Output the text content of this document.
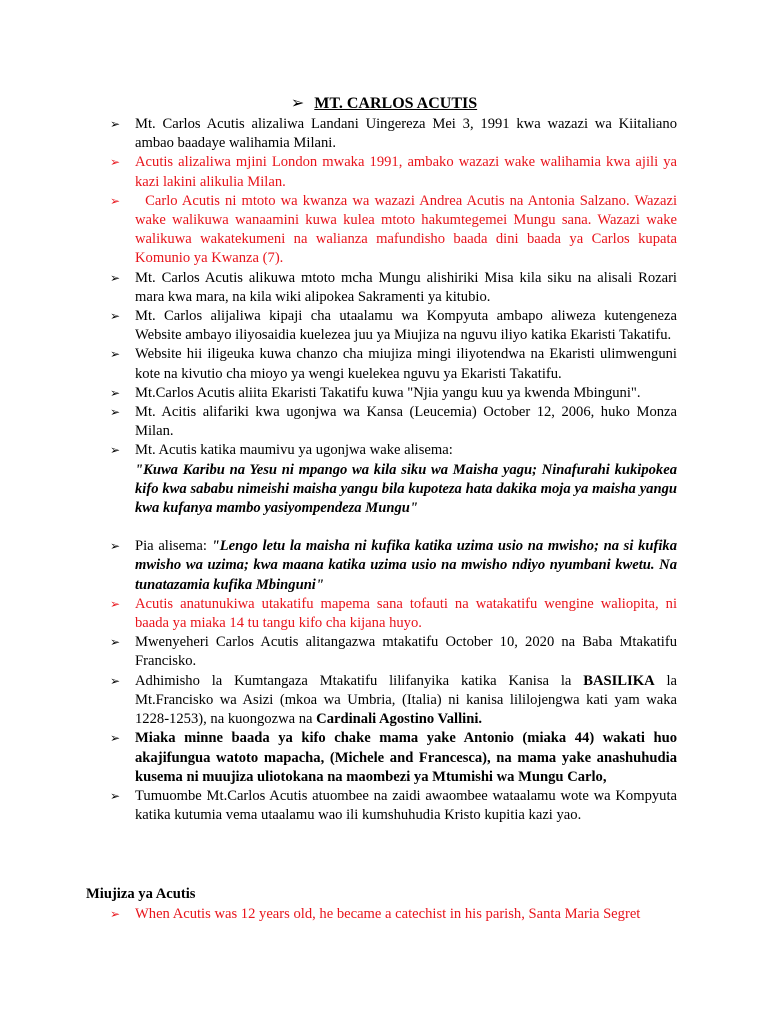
➢ MT. CARLOS ACUTIS
➢	Mt. Carlos Acutis alizaliwa Landani Uingereza Mei 3, 1991 kwa wazazi wa Kiitaliano ambao baadaye walihamia Milani.
➢	Acutis alizaliwa mjini London mwaka 1991, ambako wazazi wake walihamia kwa ajili ya kazi lakini alikulia Milan.
➢	Carlo Acutis ni mtoto wa kwanza wa wazazi Andrea Acutis na Antonia Salzano. Wazazi wake walikuwa wanaamini kuwa kulea mtoto hakumtegemei Mungu sana. Wazazi wake walikuwa wakatekumeni na walianza mafundisho baada dini baada ya Carlos kupata Komunio ya Kwanza (7).
➢	Mt. Carlos Acutis alikuwa mtoto mcha Mungu alishiriki Misa kila siku na alisali Rozari mara kwa mara, na kila wiki alipokea Sakramenti ya kitubio.
➢	Mt. Carlos alijaliwa kipaji cha utaalamu wa Kompyuta ambapo aliweza kutengeneza Website ambayo iliyosaidia kuelezea juu ya Miujiza na nguvu iliyo katika Ekaristi Takatifu.
➢	Website hii iligeuka kuwa chanzo cha miujiza mingi iliyotendwa na Ekaristi ulimwenguni kote na kivutio cha mioyo ya wengi kuelekea nguvu ya Ekaristi Takatifu.
➢	Mt.Carlos Acutis aliita Ekaristi Takatifu kuwa "Njia yangu kuu ya kwenda Mbinguni".
➢	Mt. Acitis alifariki kwa ugonjwa wa Kansa (Leucemia) October 12, 2006, huko Monza Milan.
➢	Mt. Acutis katika maumivu ya ugonjwa wake alisema:
"Kuwa Karibu na Yesu ni mpango wa kila siku wa Maisha yagu; Ninafurahi kukipokea kifo kwa sababu nimeishi maisha yangu bila kupoteza hata dakika moja ya maisha yangu kwa kufanya mambo yasiyompendeza Mungu"
➢	Pia alisema: "Lengo letu la maisha ni kufika katika uzima usio na mwisho; na si kufika mwisho wa uzima; kwa maana katika uzima usio na mwisho ndiyo nyumbani kwetu. Na tunatazamia kufika Mbinguni"
➢	Acutis anatunukiwa utakatifu mapema sana tofauti na watakatifu wengine waliopita, ni baada ya miaka 14 tu tangu kifo cha kijana huyo.
➢	Mwenyeheri Carlos Acutis alitangazwa mtakatifu October 10, 2020 na Baba Mtakatifu Francisko.
➢	Adhimisho la Kumtangaza Mtakatifu lilifanyika katika Kanisa la BASILIKA la Mt.Francisko wa Asizi (mkoa wa Umbria, (Italia) ni kanisa lililojengwa kati yam waka 1228-1253), na kuongozwa na Cardinali Agostino Vallini.
➢	Miaka minne baada ya kifo chake mama yake Antonio (miaka 44) wakati huo akajifungua watoto mapacha, (Michele and Francesca), na mama yake anashuhudia kusema ni muujiza uliotokana na maombezi ya Mtumishi wa Mungu Carlo,
➢	Tumuombe Mt.Carlos Acutis atuombee na zaidi awaombee wataalamu wote wa Kompyuta katika kutumia vema utaalamu wao ili kumshuhudia Kristo kupitia kazi yao.
Miujiza ya Acutis
➢	When Acutis was 12 years old, he became a catechist in his parish, Santa Maria Segret
